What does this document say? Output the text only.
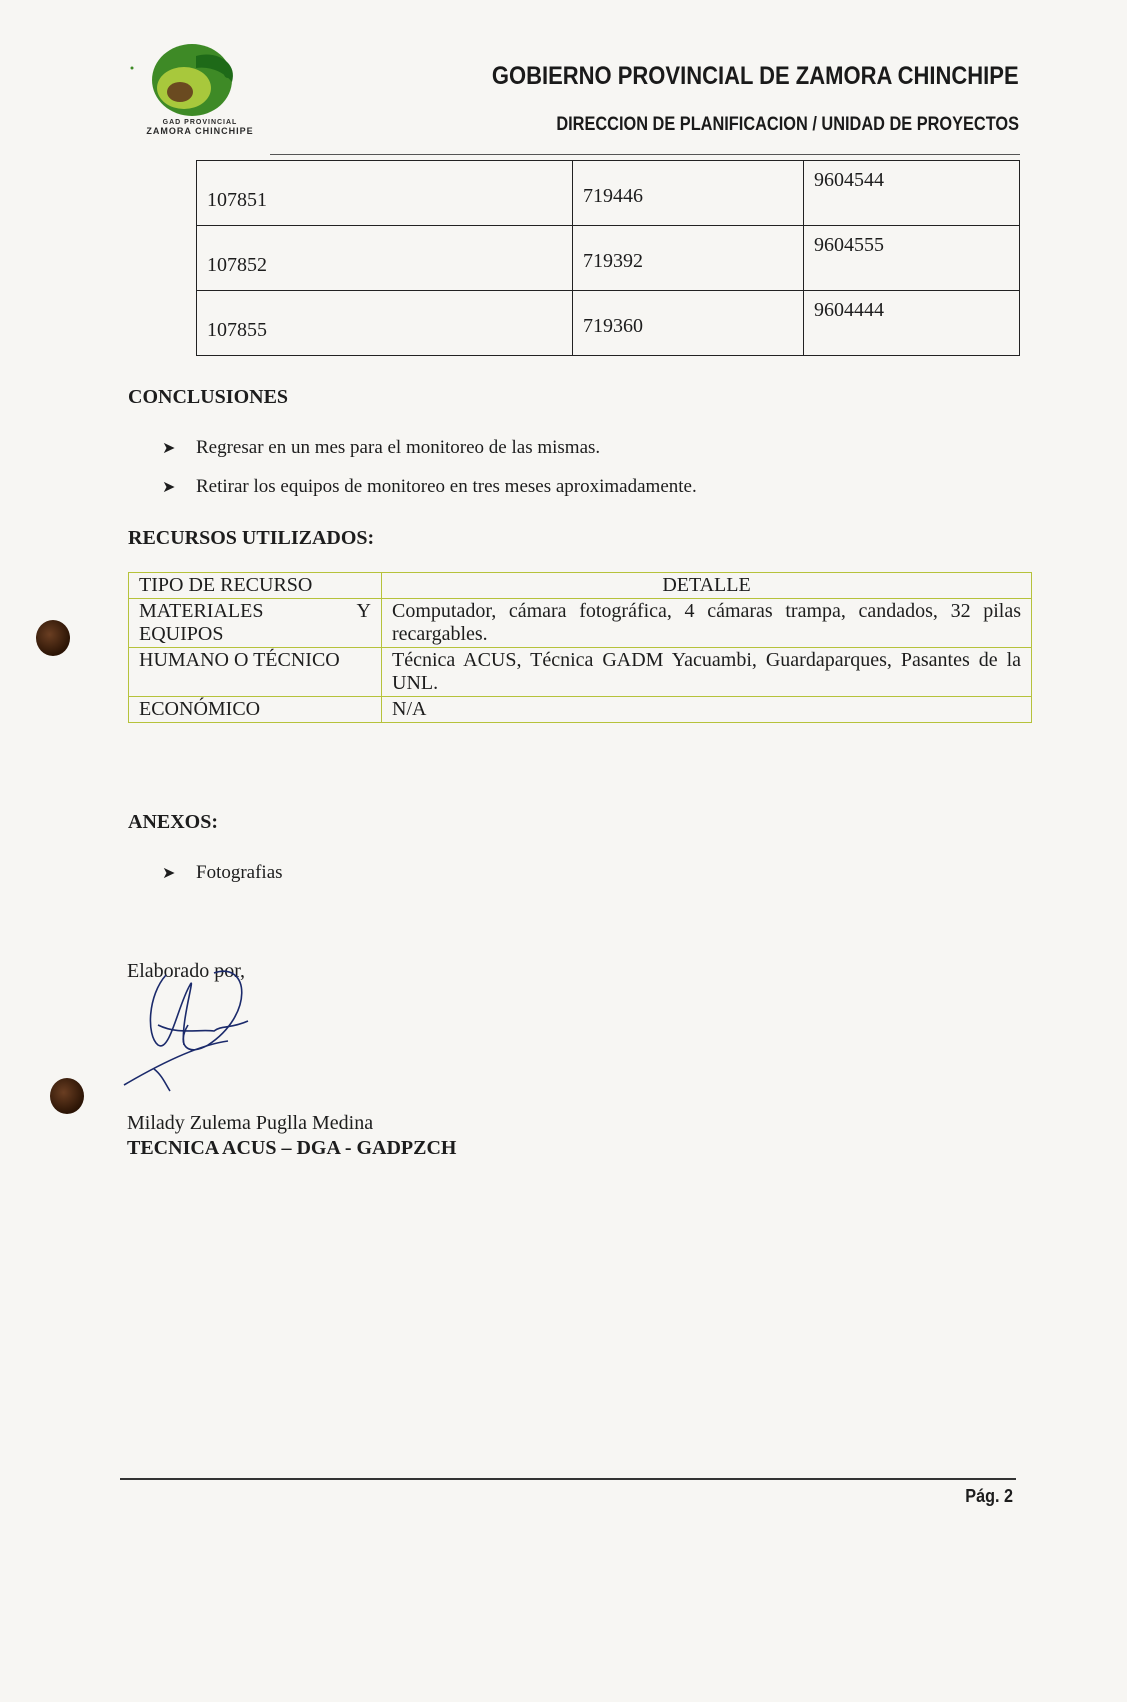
GAD PROVINCIAL
ZAMORA CHINCHIPE
GOBIERNO PROVINCIAL DE ZAMORA CHINCHIPE
DIRECCION DE PLANIFICACION / UNIDAD DE PROYECTOS
107851	719446	9604544
107852	719392	9604555
107855	719360	9604444
CONCLUSIONES
➤ Regresar en un mes para el monitoreo de las mismas.
➤ Retirar los equipos de monitoreo en tres meses aproximadamente.
RECURSOS UTILIZADOS:
TIPO DE RECURSO	DETALLE

MATERIALES Y
EQUIPOS	Computador, cámara fotográfica, 4 cámaras trampa, candados, 32 pilas recargables.
HUMANO O TÉCNICO	Técnica ACUS, Técnica GADM Yacuambi, Guardaparques, Pasantes de la UNL.
ECONÓMICO	N/A
ANEXOS:
➤ Fotografias
Elaborado por,
Milady Zulema Puglla Medina
TECNICA ACUS – DGA - GADPZCH
Pág. 2
